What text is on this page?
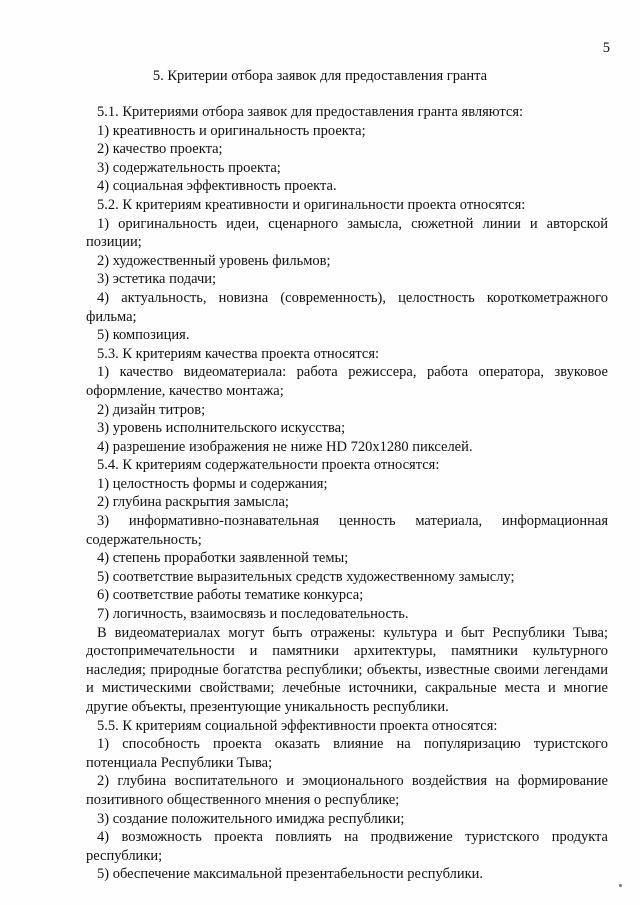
5
5. Критерии отбора заявок для предоставления гранта

5.1. Критериями отбора заявок для предоставления гранта являются:

1) креативность и оригинальность проекта;

2) качество проекта;

3) содержательность проекта;

4) социальная эффективность проекта.

5.2. К критериям креативности и оригинальности проекта относятся:

1) оригинальность идеи, сценарного замысла, сюжетной линии и авторской позиции;

2) художественный уровень фильмов;

3) эстетика подачи;

4) актуальность, новизна (современность), целостность короткометражного фильма;

5) композиция.

5.3. К критериям качества проекта относятся:

1) качество видеоматериала: работа режиссера, работа оператора, звуковое оформление, качество монтажа;

2) дизайн титров;

3) уровень исполнительского искусства;

4) разрешение изображения не ниже HD 720x1280 пикселей.

5.4. К критериям содержательности проекта относятся:

1) целостность формы и содержания;

2) глубина раскрытия замысла;

3) информативно-познавательная ценность материала, информационная содержательность;

4) степень проработки заявленной темы;

5) соответствие выразительных средств художественному замыслу;

6) соответствие работы тематике конкурса;

7) логичность, взаимосвязь и последовательность.

В видеоматериалах могут быть отражены: культура и быт Республики Тыва; достопримечательности и памятники архитектуры, памятники культурного наследия; природные богатства республики; объекты, известные своими легендами и мистическими свойствами; лечебные источники, сакральные места и многие другие объекты, презентующие уникальность республики.

5.5. К критериям социальной эффективности проекта относятся:

1) способность проекта оказать влияние на популяризацию туристского потенциала Республики Тыва;

2) глубина воспитательного и эмоционального воздействия на формирование позитивного общественного мнения о республике;

3) создание положительного имиджа республики;

4) возможность проекта повлиять на продвижение туристского продукта республики;

5) обеспечение максимальной презентабельности республики.
